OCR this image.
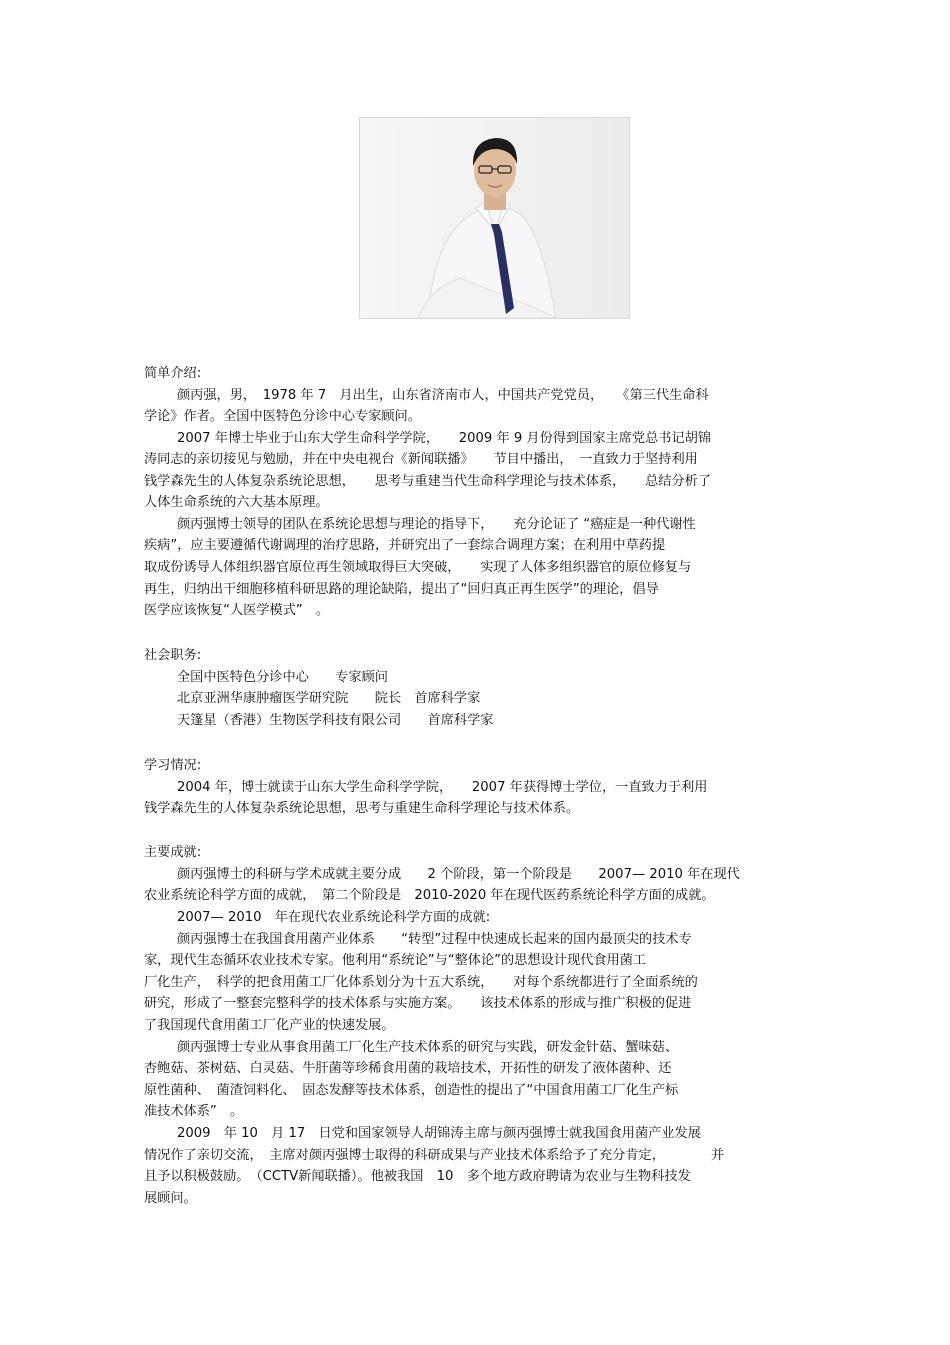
简单介绍:
颜丙强，男，　1978 年 7　月出生，山东省济南市人，中国共产党党员，　　《第三代生命科
学论》作者。全国中医特色分诊中心专家顾问。
2007 年博士毕业于山东大学生命科学学院，　　2009 年 9 月份得到国家主席党总书记胡锦
涛同志的亲切接见与勉励，并在中央电视台《新闻联播》　　节目中播出，　一直致力于坚持利用
钱学森先生的人体复杂系统论思想，　　思考与重建当代生命科学理论与技术体系，　　总结分析了
人体生命系统的六大基本原理。
颜丙强博士领导的团队在系统论思想与理论的指导下，　　充分论证了 “癌症是一种代谢性
疾病”，应主要遵循代谢调理的治疗思路，并研究出了一套综合调理方案；在利用中草药提
取成份诱导人体组织器官原位再生领域取得巨大突破，　　实现了人体多组织器官的原位修复与
再生，归纳出干细胞移植科研思路的理论缺陷，提出了“回归真正再生医学”的理论，倡导
医学应该恢复“人医学模式”　。
社会职务:
全国中医特色分诊中心　　专家顾问
北京亚洲华康肿瘤医学研究院　　院长　首席科学家
天篷星（香港）生物医学科技有限公司　　首席科学家
学习情况:
2004 年，博士就读于山东大学生命科学学院，　　2007 年获得博士学位，一直致力于利用
钱学森先生的人体复杂系统论思想，思考与重建生命科学理论与技术体系。
主要成就:
颜丙强博士的科研与学术成就主要分成　　2 个阶段，第一个阶段是　　2007— 2010 年在现代
农业系统论科学方面的成就，　第二个阶段是　2010-2020 年在现代医药系统论科学方面的成就。
2007— 2010　年在现代农业系统论科学方面的成就:
颜丙强博士在我国食用菌产业体系　　“转型”过程中快速成长起来的国内最顶尖的技术专
家，现代生态循环农业技术专家。他利用“系统论”与“整体论”的思想设计现代食用菌工
厂化生产，　科学的把食用菌工厂化体系划分为十五大系统，　　对每个系统都进行了全面系统的
研究，形成了一整套完整科学的技术体系与实施方案。　　该技术体系的形成与推广积极的促进
了我国现代食用菌工厂化产业的快速发展。
颜丙强博士专业从事食用菌工厂化生产技术体系的研究与实践，研发金针菇、蟹味菇、
杏鲍菇、茶树菇、白灵菇、牛肝菌等珍稀食用菌的栽培技术，开拓性的研发了液体菌种、还
原性菌种、　菌渣饲料化、　固态发酵等技术体系，创造性的提出了“中国食用菌工厂化生产标
准技术体系”　。
2009　年 10　月 17　日党和国家领导人胡锦涛主席与颜丙强博士就我国食用菌产业发展
情况作了亲切交流，　主席对颜丙强博士取得的科研成果与产业技术体系给予了充分肯定，　　　　并
且予以积极鼓励。　（CCTV新闻联播）。他被我国　10　多个地方政府聘请为农业与生物科技发
展顾问。
